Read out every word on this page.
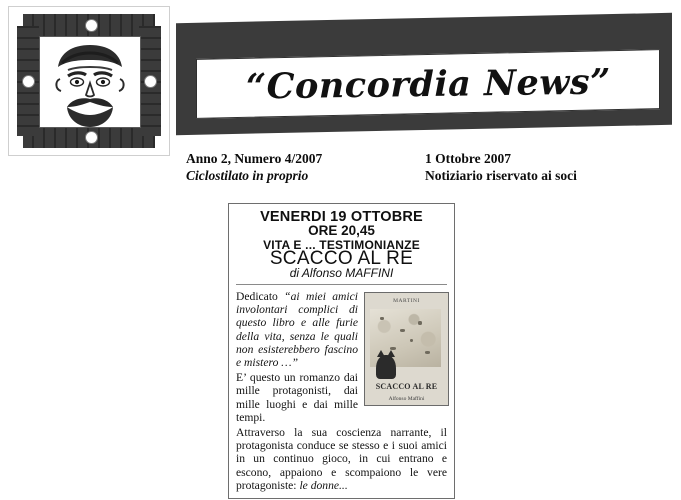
“Concordia News”
Anno 2, Numero 4/2007
Ciclostilato in proprio
1 Ottobre 2007
Notiziario riservato ai soci
VENERDI 19 OTTOBRE
ORE 20,45
VITA E ... TESTIMONIANZE
SCACCO AL RE
di Alfonso MAFFINI
MARTINI
SCACCO AL RE
Alfonso Maffini

Dedicato “ai miei amici involontari complici di questo libro e alle furie della vita, senza le quali non esisterebbero fascino e mistero …”

E’ questo un romanzo dai mille protagonisti, dai mille luoghi e dai mille tempi.

Attraverso la sua coscienza narrante, il protagonista conduce se stesso e i suoi amici in un continuo gioco, in cui entrano e escono, appaiono e scompaiono le vere protagoniste: le donne...
